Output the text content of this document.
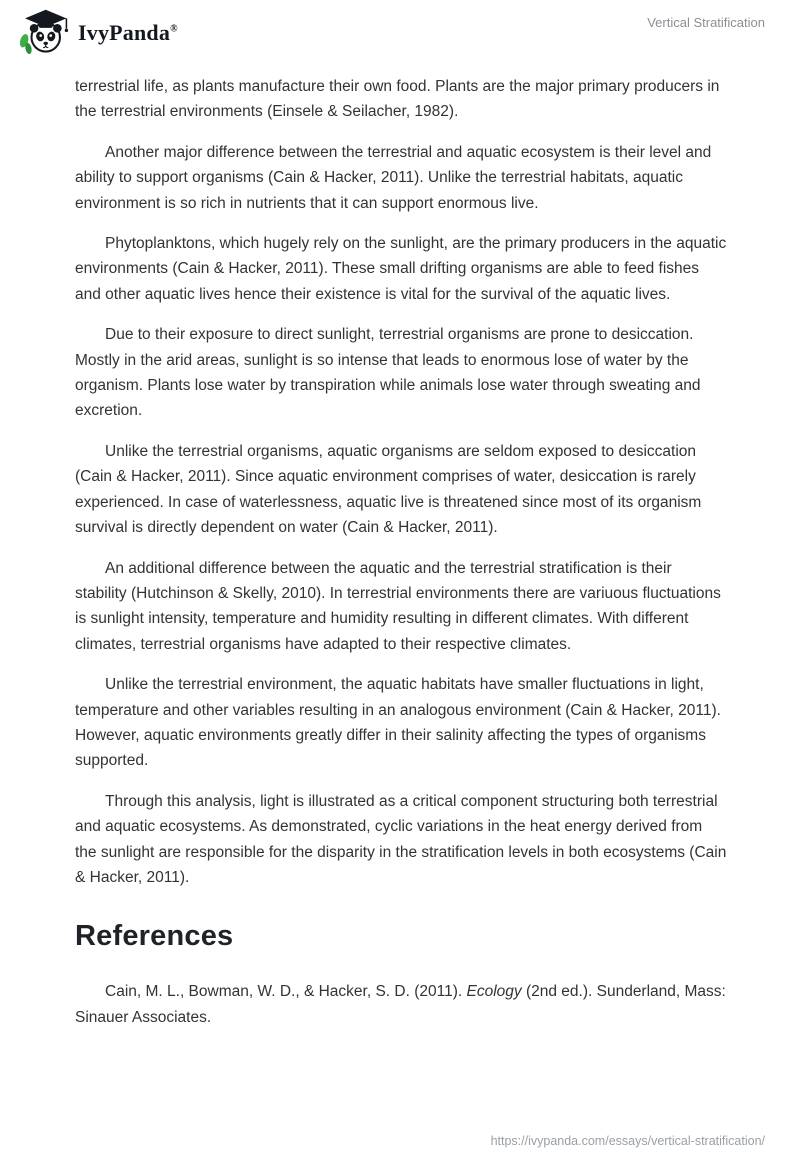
IvyPanda®	Vertical Stratification

terrestrial life, as plants manufacture their own food. Plants are the major primary producers in the terrestrial environments (Einsele & Seilacher, 1982).

Another major difference between the terrestrial and aquatic ecosystem is their level and ability to support organisms (Cain & Hacker, 2011). Unlike the terrestrial habitats, aquatic environment is so rich in nutrients that it can support enormous live.

Phytoplanktons, which hugely rely on the sunlight, are the primary producers in the aquatic environments (Cain & Hacker, 2011). These small drifting organisms are able to feed fishes and other aquatic lives hence their existence is vital for the survival of the aquatic lives.

Due to their exposure to direct sunlight, terrestrial organisms are prone to desiccation. Mostly in the arid areas, sunlight is so intense that leads to enormous lose of water by the organism. Plants lose water by transpiration while animals lose water through sweating and excretion.

Unlike the terrestrial organisms, aquatic organisms are seldom exposed to desiccation (Cain & Hacker, 2011). Since aquatic environment comprises of water, desiccation is rarely experienced. In case of waterlessness, aquatic live is threatened since most of its organism survival is directly dependent on water (Cain & Hacker, 2011).

An additional difference between the aquatic and the terrestrial stratification is their stability (Hutchinson & Skelly, 2010). In terrestrial environments there are variuous fluctuations is sunlight intensity, temperature and humidity resulting in different climates. With different climates, terrestrial organisms have adapted to their respective climates.

Unlike the terrestrial environment, the aquatic habitats have smaller fluctuations in light, temperature and other variables resulting in an analogous environment (Cain & Hacker, 2011). However, aquatic environments greatly differ in their salinity affecting the types of organisms supported.

Through this analysis, light is illustrated as a critical component structuring both terrestrial and aquatic ecosystems. As demonstrated, cyclic variations in the heat energy derived from the sunlight are responsible for the disparity in the stratification levels in both ecosystems (Cain & Hacker, 2011).

References

Cain, M. L., Bowman, W. D., & Hacker, S. D. (2011). Ecology (2nd ed.). Sunderland, Mass: Sinauer Associates.

https://ivypanda.com/essays/vertical-stratification/
